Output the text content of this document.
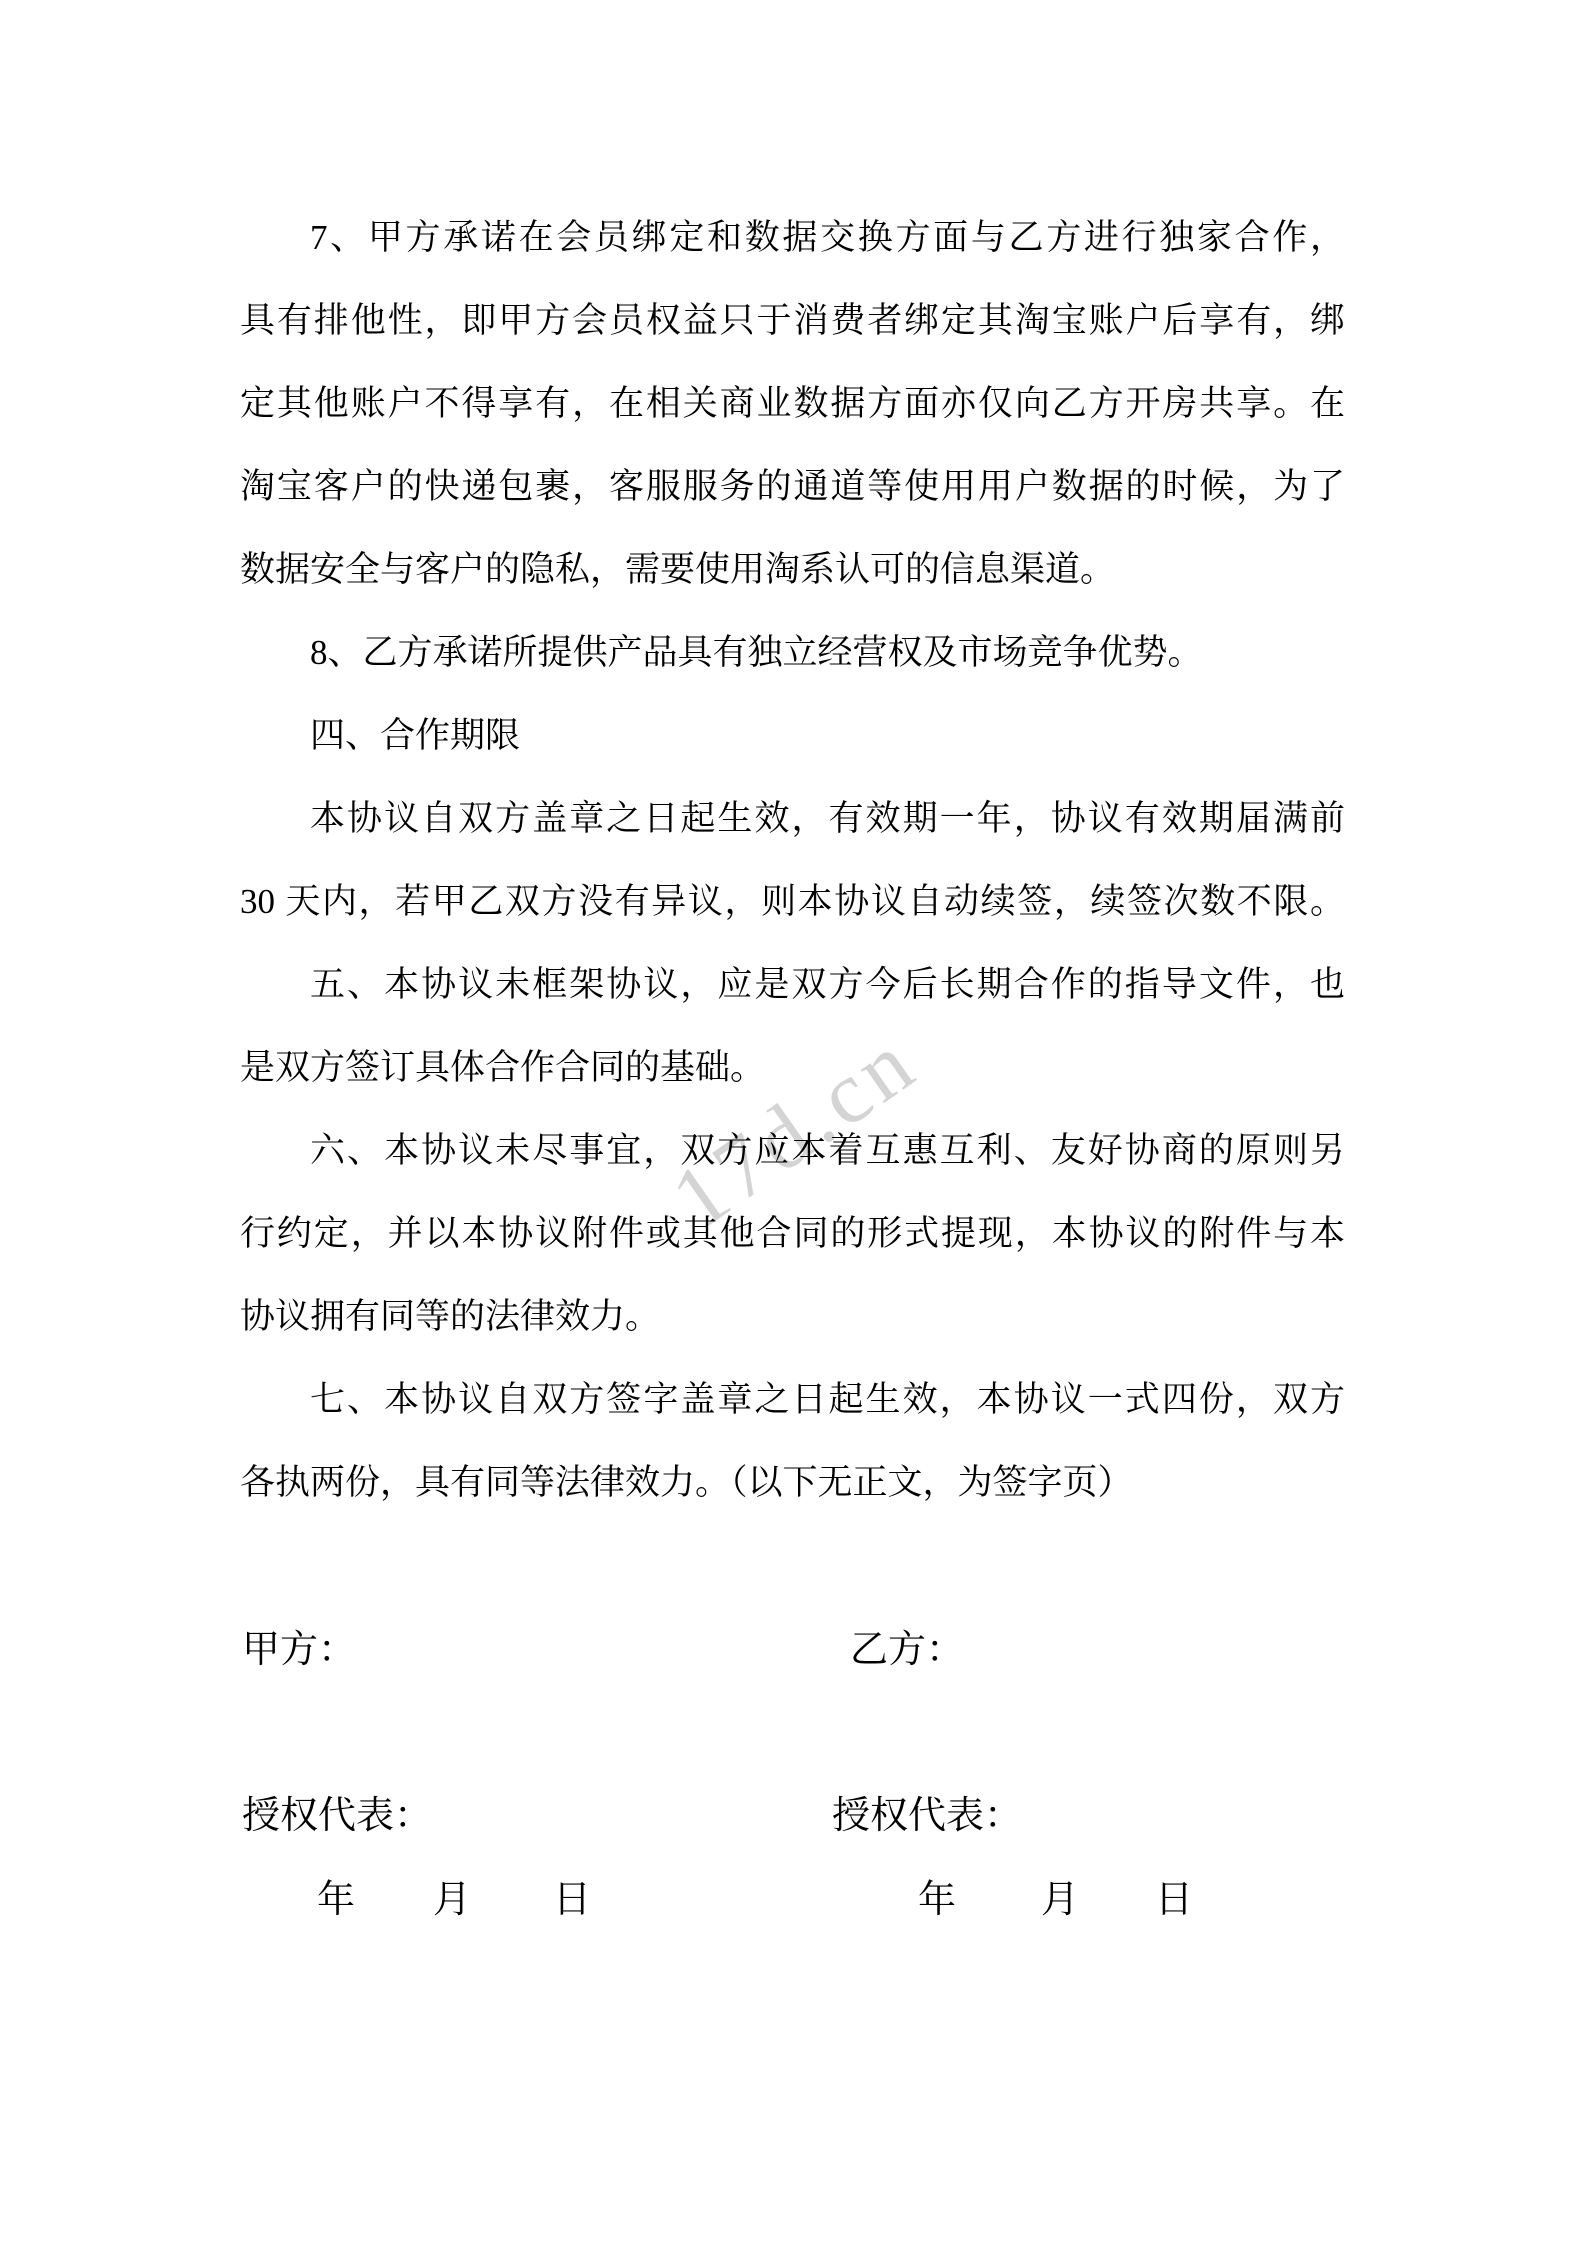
17d.cn
7、甲方承诺在会员绑定和数据交换方面与乙方进行独家合作，
具有排他性，即甲方会员权益只于消费者绑定其淘宝账户后享有，绑
定其他账户不得享有，在相关商业数据方面亦仅向乙方开房共享。在
淘宝客户的快递包裹，客服服务的通道等使用用户数据的时候，为了
数据安全与客户的隐私，需要使用淘系认可的信息渠道。
8、乙方承诺所提供产品具有独立经营权及市场竞争优势。
四、合作期限
本协议自双方盖章之日起生效，有效期一年，协议有效期届满前
30 天内，若甲乙双方没有异议，则本协议自动续签，续签次数不限。
五、本协议未框架协议，应是双方今后长期合作的指导文件，也
是双方签订具体合作合同的基础。
六、本协议未尽事宜，双方应本着互惠互利、友好协商的原则另
行约定，并以本协议附件或其他合同的形式提现，本协议的附件与本
协议拥有同等的法律效力。
七、本协议自双方签字盖章之日起生效，本协议一式四份，双方
各执两份，具有同等法律效力。（以下无正文，为签字页）
甲方：	乙方：
授权代表：	授权代表：
年 月 日	年 月 日
